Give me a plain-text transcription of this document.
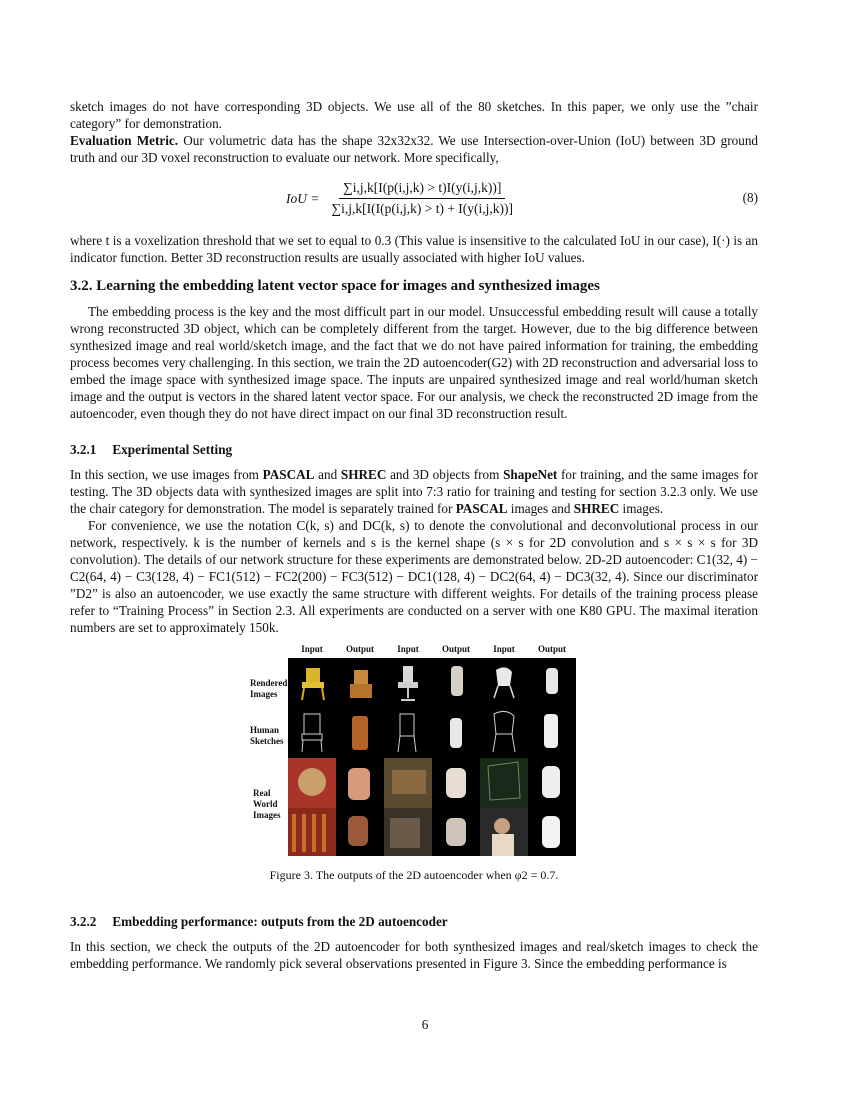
sketch images do not have corresponding 3D objects. We use all of the 80 sketches. In this paper, we only use the ”chair category” for demonstration.

Evaluation Metric. Our volumetric data has the shape 32x32x32. We use Intersection-over-Union (IoU) between 3D ground truth and our 3D voxel reconstruction to evaluate our network. More specifically,

IoU = $\frac{\sum i,j,k[I(p(i,j,k) > t)I(y(i,j,k))]}{\sum i,j,k[I(I(p(i,j,k) > t) + I(y(i,j,k))]}$	(8)

where t is a voxelization threshold that we set to equal to 0.3 (This value is insensitive to the calculated IoU in our case), I(·) is an indicator function. Better 3D reconstruction results are usually associated with higher IoU values.

3.2. Learning the embedding latent vector space for images and synthesized images

The embedding process is the key and the most difficult part in our model. Unsuccessful embedding result will cause a totally wrong reconstructed 3D object, which can be completely different from the target. However, due to the big difference between synthesized image and real world/sketch image, and the fact that we do not have paired information for training, the embedding process becomes very challenging. In this section, we train the 2D autoencoder(G2) with 2D reconstruction and adversarial loss to embed the image space with synthesized image space. The inputs are unpaired synthesized image and real world/human sketch image and the output is vectors in the shared latent vector space. For our analysis, we check the reconstructed 2D image from the autoencoder, even though they do not have direct impact on our final 3D reconstruction result.

3.2.1 Experimental Setting

In this section, we use images from PASCAL and SHREC and 3D objects from ShapeNet for training, and the same images for testing. The 3D objects data with synthesized images are split into 7:3 ratio for training and testing for section 3.2.3 only. We use the chair category for demonstration. The model is separately trained for PASCAL images and SHREC images.

For convenience, we use the notation C(k, s) and DC(k, s) to denote the convolutional and deconvolutional process in our network, respectively. k is the number of kernels and s is the kernel shape (s × s for 2D convolution and s × s × s for 3D convolution). The details of our network structure for these experiments are demonstrated below. 2D-2D autoencoder: C1(32, 4) − C2(64, 4) − C3(128, 4) − FC1(512) − FC2(200) − FC3(512) − DC1(128, 4) − DC2(64, 4) − DC3(32, 4). Since our discriminator ”D2” is also an autoencoder, we use exactly the same structure with different weights. For details of the training process please refer to “Training Process” in Section 2.3. All experiments are conducted on a server with one K80 GPU. The maximal iteration numbers are set to approximately 150k.

Input	Output	Input	Output	Input	Output
Rendered Images
Human Sketches
Real World Images
Figure 3. The outputs of the 2D autoencoder when φ2 = 0.7.
3.2.2 Embedding performance: outputs from the 2D autoencoder

In this section, we check the outputs of the 2D autoencoder for both synthesized images and real/sketch images to check the embedding performance. We randomly pick several observations presented in Figure 3. Since the embedding performance is

6
